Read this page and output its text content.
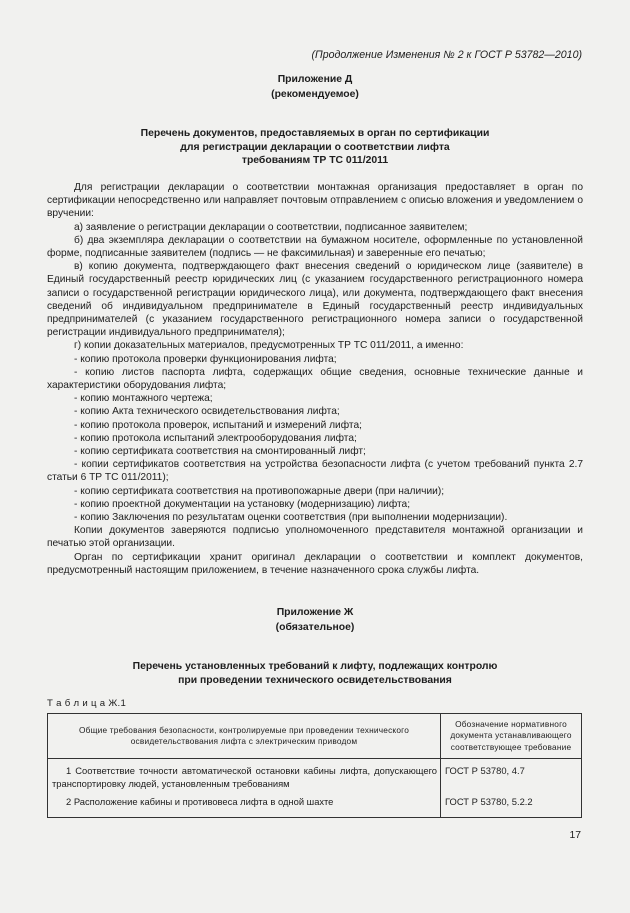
(Продолжение Изменения № 2 к ГОСТ Р 53782—2010)
Приложение Д
(рекомендуемое)
Перечень документов, предоставляемых в орган по сертификации
для регистрации декларации о соответствии лифта
требованиям ТР ТС 011/2011

Для регистрации декларации о соответствии монтажная организация предоставляет в орган по сертификации непосредственно или направляет почтовым отправлением с описью вложения и уведомлением о вручении:

а) заявление о регистрации декларации о соответствии, подписанное заявителем;

б) два экземпляра декларации о соответствии на бумажном носителе, оформленные по установленной форме, подписанные заявителем (подпись — не факсимильная) и заверенные его печатью;

в) копию документа, подтверждающего факт внесения сведений о юридическом лице (заявителе) в Единый государственный реестр юридических лиц (с указанием государственного регистрационного номера записи о государственной регистрации юридического лица), или документа, подтверждающего факт внесения сведений об индивидуальном предпринимателе в Единый государственный реестр индивидуальных предпринимателей (с указанием государственного регистрационного номера записи о государственной регистрации индивидуального предпринимателя);

г) копии доказательных материалов, предусмотренных ТР ТС 011/2011, а именно:

- копию протокола проверки функционирования лифта;

- копию листов паспорта лифта, содержащих общие сведения, основные технические данные и характеристики оборудования лифта;

- копию монтажного чертежа;

- копию Акта технического освидетельствования лифта;

- копию протокола проверок, испытаний и измерений лифта;

- копию протокола испытаний электрооборудования лифта;

- копию сертификата соответствия на смонтированный лифт;

- копии сертификатов соответствия на устройства безопасности лифта (с учетом требований пункта 2.7 статьи 6 ТР ТС 011/2011);

- копию сертификата соответствия на противопожарные двери (при наличии);

- копию проектной документации на установку (модернизацию) лифта;

- копию Заключения по результатам оценки соответствия (при выполнении модернизации).

Копии документов заверяются подписью уполномоченного представителя монтажной организации и печатью этой организации.

Орган по сертификации хранит оригинал декларации о соответствии и комплект документов, предусмотренный настоящим приложением, в течение назначенного срока службы лифта.

Приложение Ж
(обязательное)
Перечень установленных требований к лифту, подлежащих контролю
при проведении технического освидетельствования
Т а б л и ц а Ж.1
Общие требования безопасности, контролируемые при проведении технического освидетельствования лифта с электрическим приводом	Обозначение нормативного документа устанавливающего соответствующее требование

1 Соответствие точности автоматической остановки кабины лифта, допускающего транспортировку людей, установленным требованиям	ГОСТ Р 53780, 4.7

2 Расположение кабины и противовеса лифта в одной шахте	ГОСТ Р 53780, 5.2.2
17
